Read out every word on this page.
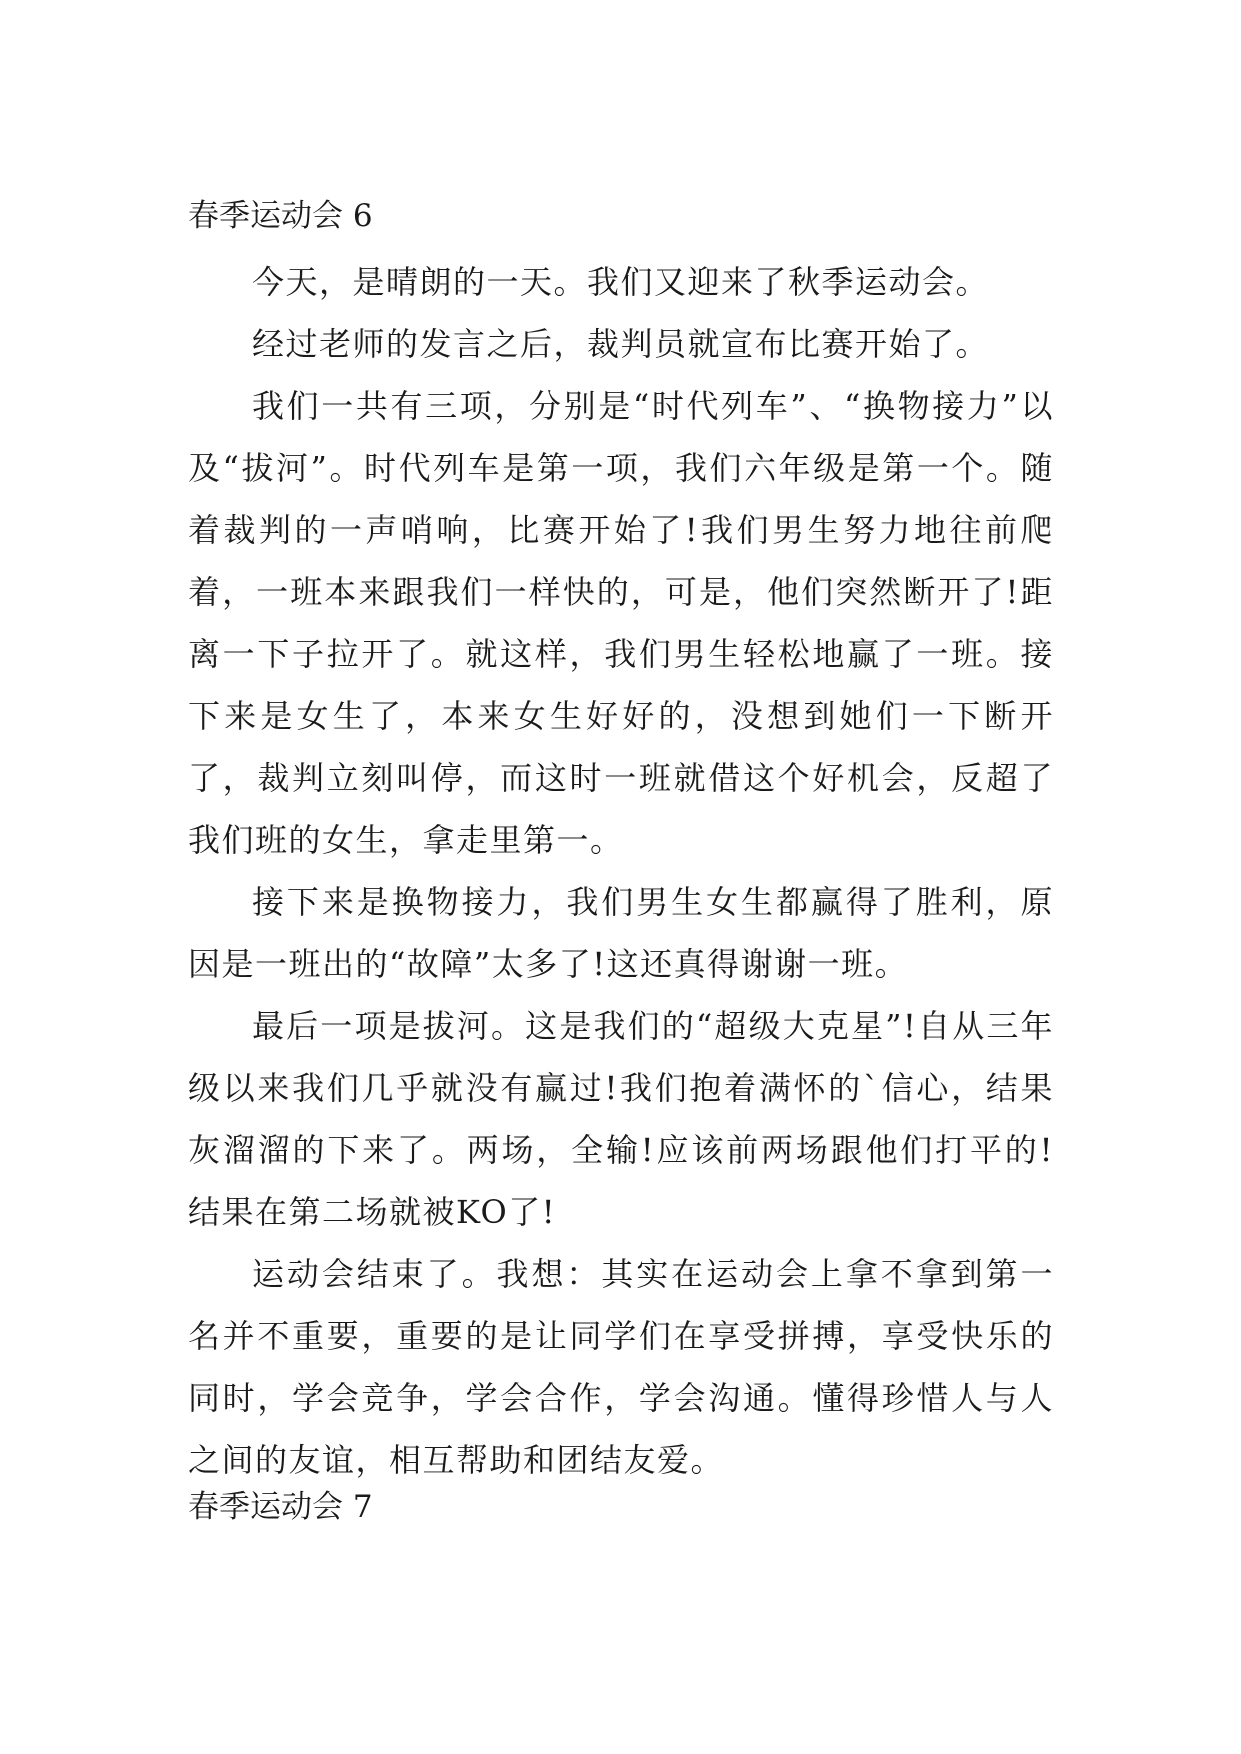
春季运动会 6

今天，是晴朗的一天。我们又迎来了秋季运动会。

经过老师的发言之后，裁判员就宣布比赛开始了。

我们一共有三项，分别是“时代列车”、“换物接力”以及“拔河”。时代列车是第一项，我们六年级是第一个。随着裁判的一声哨响，比赛开始了!我们男生努力地往前爬着，一班本来跟我们一样快的，可是，他们突然断开了!距离一下子拉开了。就这样，我们男生轻松地赢了一班。接下来是女生了，本来女生好好的，没想到她们一下断开了，裁判立刻叫停，而这时一班就借这个好机会，反超了我们班的女生，拿走里第一。

接下来是换物接力，我们男生女生都赢得了胜利，原因是一班出的“故障”太多了!这还真得谢谢一班。

最后一项是拔河。这是我们的“超级大克星”!自从三年级以来我们几乎就没有赢过!我们抱着满怀的`信心，结果灰溜溜的下来了。两场，全输!应该前两场跟他们打平的!结果在第二场就被KO了!

运动会结束了。我想：其实在运动会上拿不拿到第一名并不重要，重要的是让同学们在享受拼搏，享受快乐的同时，学会竞争，学会合作，学会沟通。懂得珍惜人与人之间的友谊，相互帮助和团结友爱。

春季运动会 7
